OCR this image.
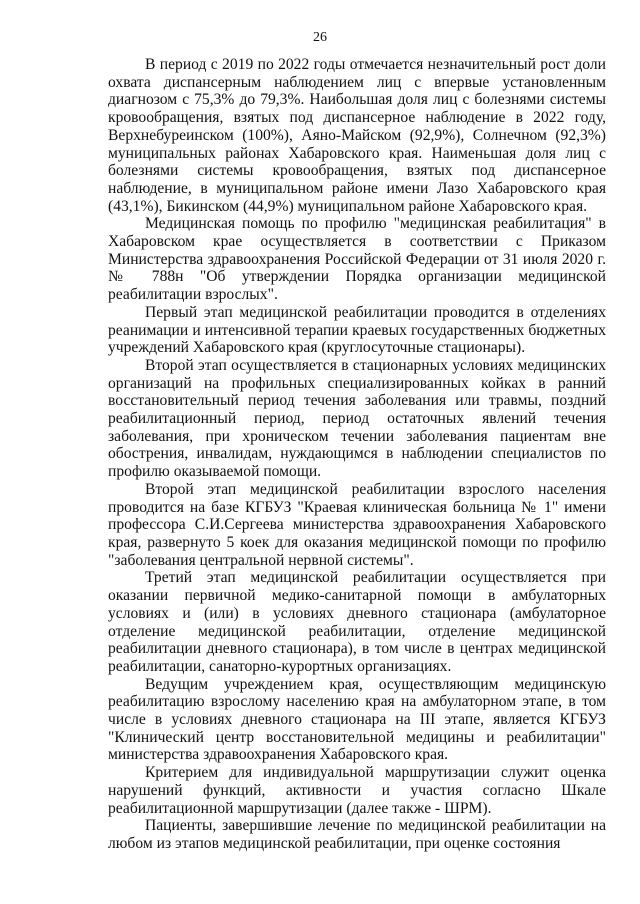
26

В период с 2019 по 2022 годы отмечается незначительный рост доли охвата диспансерным наблюдением лиц с впервые установленным диагнозом с 75,3% до 79,3%. Наибольшая доля лиц с болезнями системы кровообращения, взятых под диспансерное наблюдение в 2022 году, Верхнебуреинском (100%), Аяно-Майском (92,9%), Солнечном (92,3%) муниципальных районах Хабаровского края. Наименьшая доля лиц с болезнями системы кровообращения, взятых под диспансерное наблюдение, в муниципальном районе имени Лазо Хабаровского края (43,1%), Бикинском (44,9%) муниципальном районе Хабаровского края.

Медицинская помощь по профилю "медицинская реабилитация" в Хабаровском крае осуществляется в соответствии с Приказом Министерства здравоохранения Российской Федерации от 31 июля 2020 г. № 788н "Об утверждении Порядка организации медицинской реабилитации взрослых".

Первый этап медицинской реабилитации проводится в отделениях реанимации и интенсивной терапии краевых государственных бюджетных учреждений Хабаровского края (круглосуточные стационары).

Второй этап осуществляется в стационарных условиях медицинских организаций на профильных специализированных койках в ранний восстановительный период течения заболевания или травмы, поздний реабилитационный период, период остаточных явлений течения заболевания, при хроническом течении заболевания пациентам вне обострения, инвалидам, нуждающимся в наблюдении специалистов по профилю оказываемой помощи.

Второй этап медицинской реабилитации взрослого населения проводится на базе КГБУЗ "Краевая клиническая больница № 1" имени профессора С.И.Сергеева министерства здравоохранения Хабаровского края, развернуто 5 коек для оказания медицинской помощи по профилю "заболевания центральной нервной системы".

Третий этап медицинской реабилитации осуществляется при оказании первичной медико-санитарной помощи в амбулаторных условиях и (или) в условиях дневного стационара (амбулаторное отделение медицинской реабилитации, отделение медицинской реабилитации дневного стационара), в том числе в центрах медицинской реабилитации, санаторно-курортных организациях.

Ведущим учреждением края, осуществляющим медицинскую реабилитацию взрослому населению края на амбулаторном этапе, в том числе в условиях дневного стационара на III этапе, является КГБУЗ "Клинический центр восстановительной медицины и реабилитации" министерства здравоохранения Хабаровского края.

Критерием для индивидуальной маршрутизации служит оценка нарушений функций, активности и участия согласно Шкале реабилитационной маршрутизации (далее также - ШРМ).

Пациенты, завершившие лечение по медицинской реабилитации на любом из этапов медицинской реабилитации, при оценке состояния
